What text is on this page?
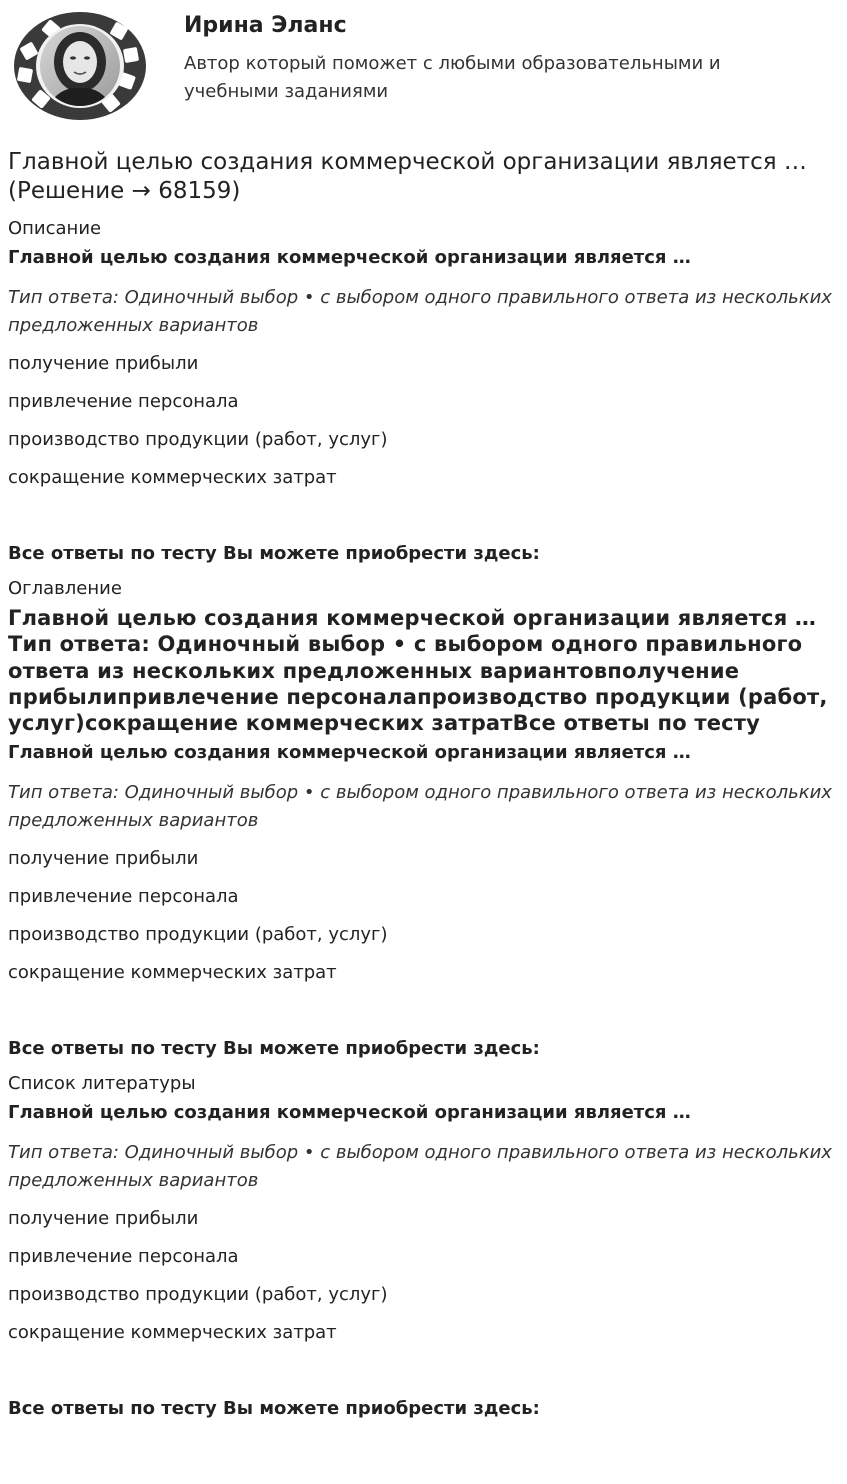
Ирина Эланс
Автор который поможет с любыми образовательными и учебными заданиями
Главной целью создания коммерческой организации является … (Решение → 68159)
Описание
Главной целью создания коммерческой организации является …
Тип ответа: Одиночный выбор • с выбором одного правильного ответа из нескольких предложенных вариантов
получение прибыли
привлечение персонала
производство продукции (работ, услуг)
сокращение коммерческих затрат
Все ответы по тесту Вы можете приобрести здесь:
Оглавление
Главной целью создания коммерческой организации является …Тип ответа: Одиночный выбор • с выбором одного правильного ответа из нескольких предложенных вариантовполучение прибылипривлечение персоналапроизводство продукции (работ, услуг)сокращение коммерческих затратВсе ответы по тесту
Главной целью создания коммерческой организации является …
Тип ответа: Одиночный выбор • с выбором одного правильного ответа из нескольких предложенных вариантов
получение прибыли
привлечение персонала
производство продукции (работ, услуг)
сокращение коммерческих затрат
Все ответы по тесту Вы можете приобрести здесь:
Список литературы
Главной целью создания коммерческой организации является …
Тип ответа: Одиночный выбор • с выбором одного правильного ответа из нескольких предложенных вариантов
получение прибыли
привлечение персонала
производство продукции (работ, услуг)
сокращение коммерческих затрат
Все ответы по тесту Вы можете приобрести здесь:
